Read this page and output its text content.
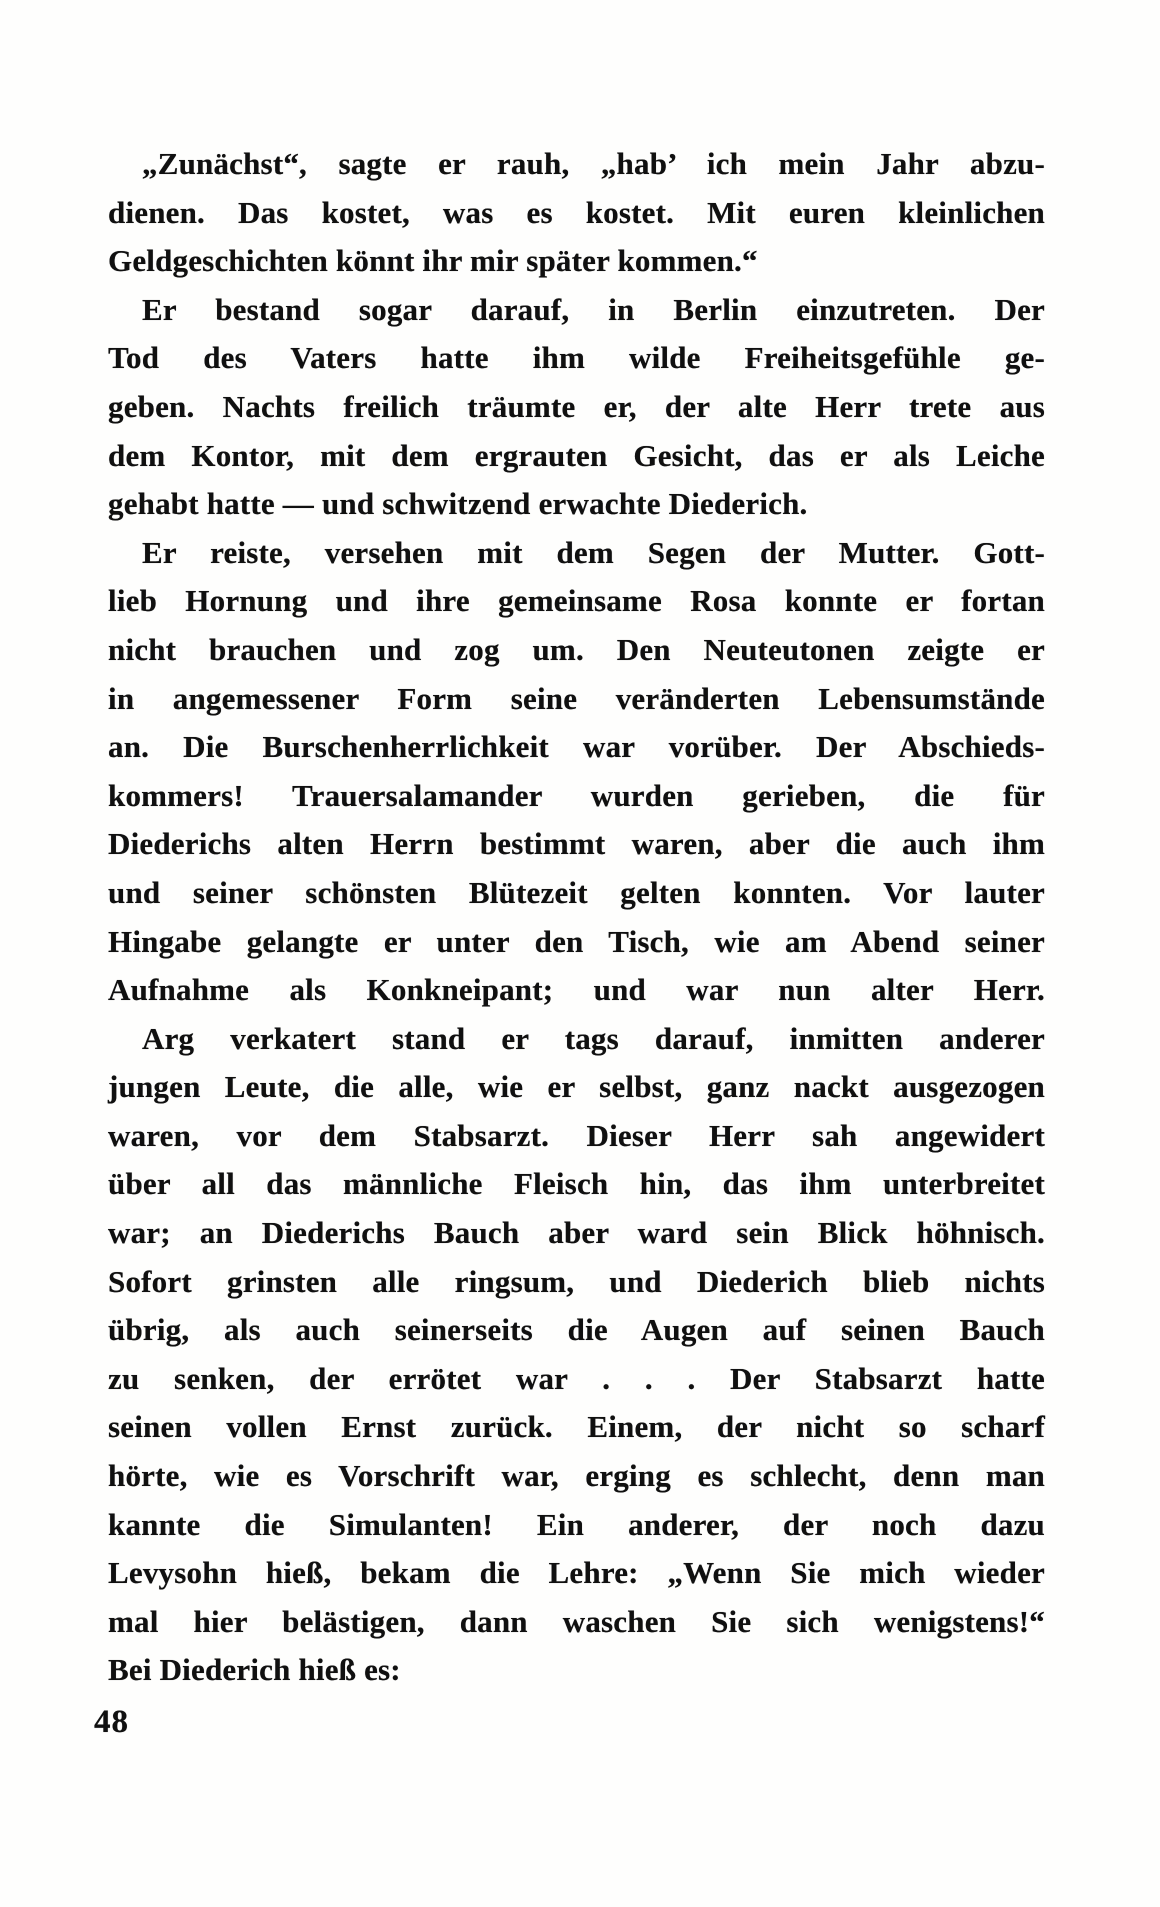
„Zunächst“, sagte er rauh, „hab’ ich mein Jahr abzu-
dienen. Das kostet, was es kostet. Mit euren kleinlichen
Geldgeschichten könnt ihr mir später kommen.“
Er bestand sogar darauf, in Berlin einzutreten. Der
Tod des Vaters hatte ihm wilde Freiheitsgefühle ge-
geben. Nachts freilich träumte er, der alte Herr trete aus
dem Kontor, mit dem ergrauten Gesicht, das er als Leiche
gehabt hatte — und schwitzend erwachte Diederich.
Er reiste, versehen mit dem Segen der Mutter. Gott-
lieb Hornung und ihre gemeinsame Rosa konnte er fortan
nicht brauchen und zog um. Den Neuteutonen zeigte er
in angemessener Form seine veränderten Lebensumstände
an. Die Burschenherrlichkeit war vorüber. Der Abschieds-
kommers! Trauersalamander wurden gerieben, die für
Diederichs alten Herrn bestimmt waren, aber die auch ihm
und seiner schönsten Blütezeit gelten konnten. Vor lauter
Hingabe gelangte er unter den Tisch, wie am Abend seiner
Aufnahme als Konkneipant; und war nun alter Herr.
Arg verkatert stand er tags darauf, inmitten anderer
jungen Leute, die alle, wie er selbst, ganz nackt ausgezogen
waren, vor dem Stabsarzt. Dieser Herr sah angewidert
über all das männliche Fleisch hin, das ihm unterbreitet
war; an Diederichs Bauch aber ward sein Blick höhnisch.
Sofort grinsten alle ringsum, und Diederich blieb nichts
übrig, als auch seinerseits die Augen auf seinen Bauch
zu senken, der errötet war . . . Der Stabsarzt hatte
seinen vollen Ernst zurück. Einem, der nicht so scharf
hörte, wie es Vorschrift war, erging es schlecht, denn man
kannte die Simulanten! Ein anderer, der noch dazu
Levysohn hieß, bekam die Lehre: „Wenn Sie mich wieder
mal hier belästigen, dann waschen Sie sich wenigstens!“
Bei Diederich hieß es:
48
